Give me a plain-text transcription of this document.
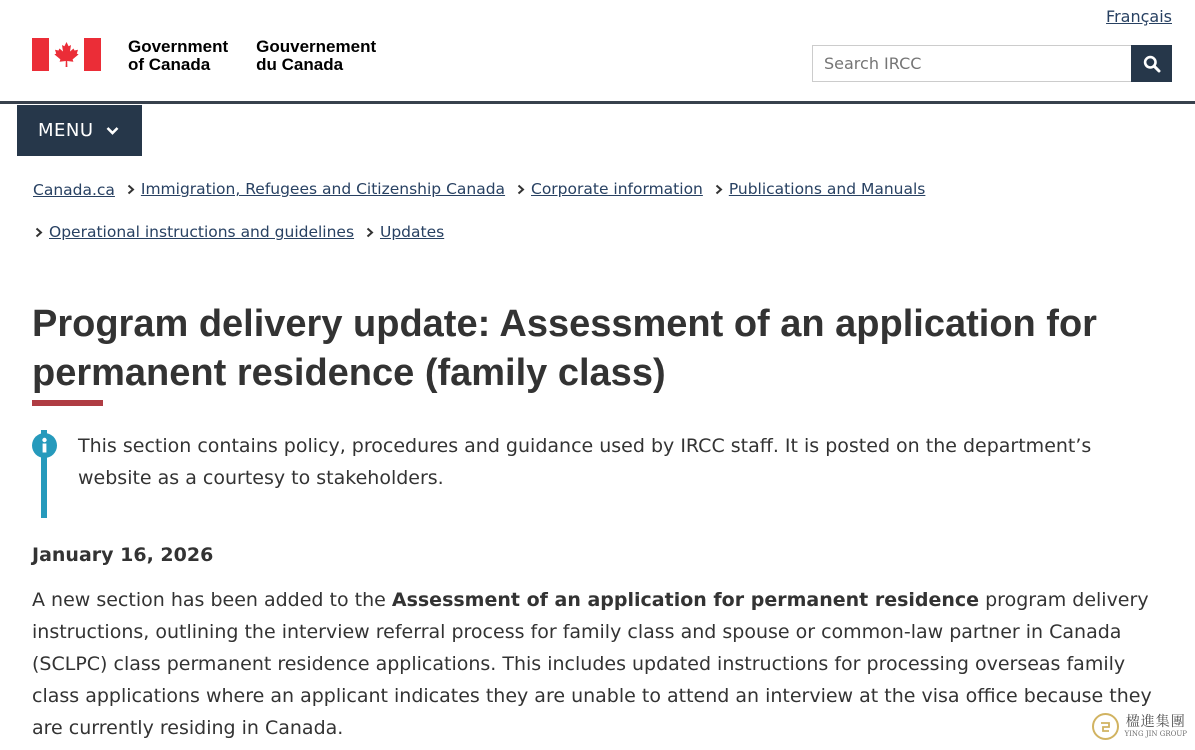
Français
Government
of Canada
Gouvernement
du Canada
Search IRCC
MENU
Canada.ca
Immigration, Refugees and Citizenship Canada
Corporate information
Publications and Manuals
Operational instructions and guidelines
Updates
Program delivery update: Assessment of an application for permanent residence (family class)

This section contains policy, procedures and guidance used by IRCC staff. It is posted on the department’s website as a courtesy to stakeholders.

January 16, 2026

A new section has been added to the Assessment of an application for permanent residence program delivery instructions, outlining the interview referral process for family class and spouse or common-law partner in Canada (SCLPC) class permanent residence applications. This includes updated instructions for processing overseas family class applications where an applicant indicates they are unable to attend an interview at the visa office because they are currently residing in Canada.	楹進集團
YING JIN GROUP
